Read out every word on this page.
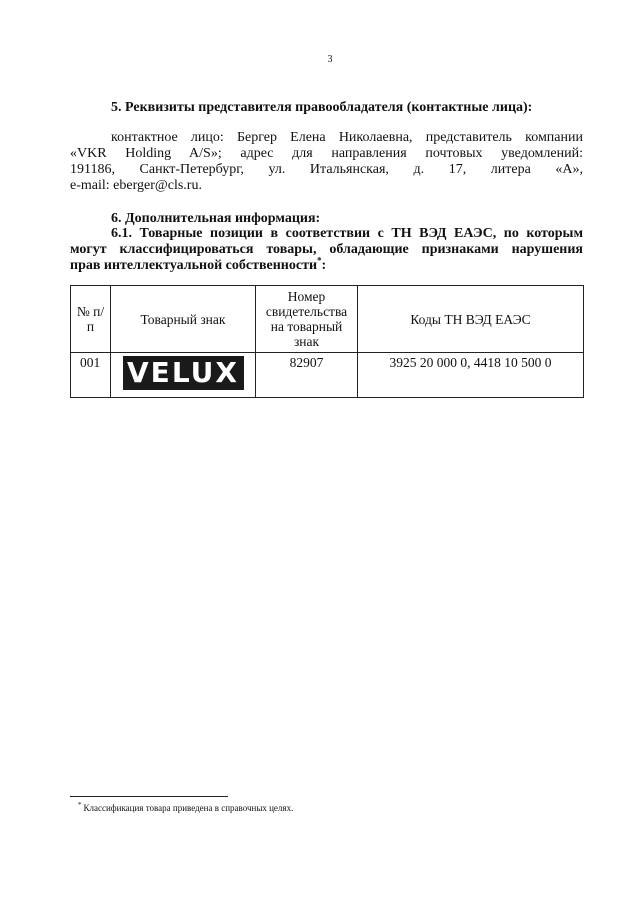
3
5. Реквизиты представителя правообладателя (контактные лица):
контактное лицо: Бергер Елена Николаевна, представитель компании
«VKR Holding A/S»; адрес для направления почтовых уведомлений:
191186, Санкт-Петербург, ул. Итальянская, д. 17, литера «А»,
e-mail: eberger@cls.ru.
6. Дополнительная информация:
6.1. Товарные позиции в соответствии с ТН ВЭД ЕАЭС, по которым
могут классифицироваться товары, обладающие признаками нарушения
прав интеллектуальной собственности*:
№ п/п	Товарный знак	Номер свидетельства на товарный знак	Коды ТН ВЭД ЕАЭС
001	VELUX	82907	3925 20 000 0, 4418 10 500 0
* Классификация товара приведена в справочных целях.
